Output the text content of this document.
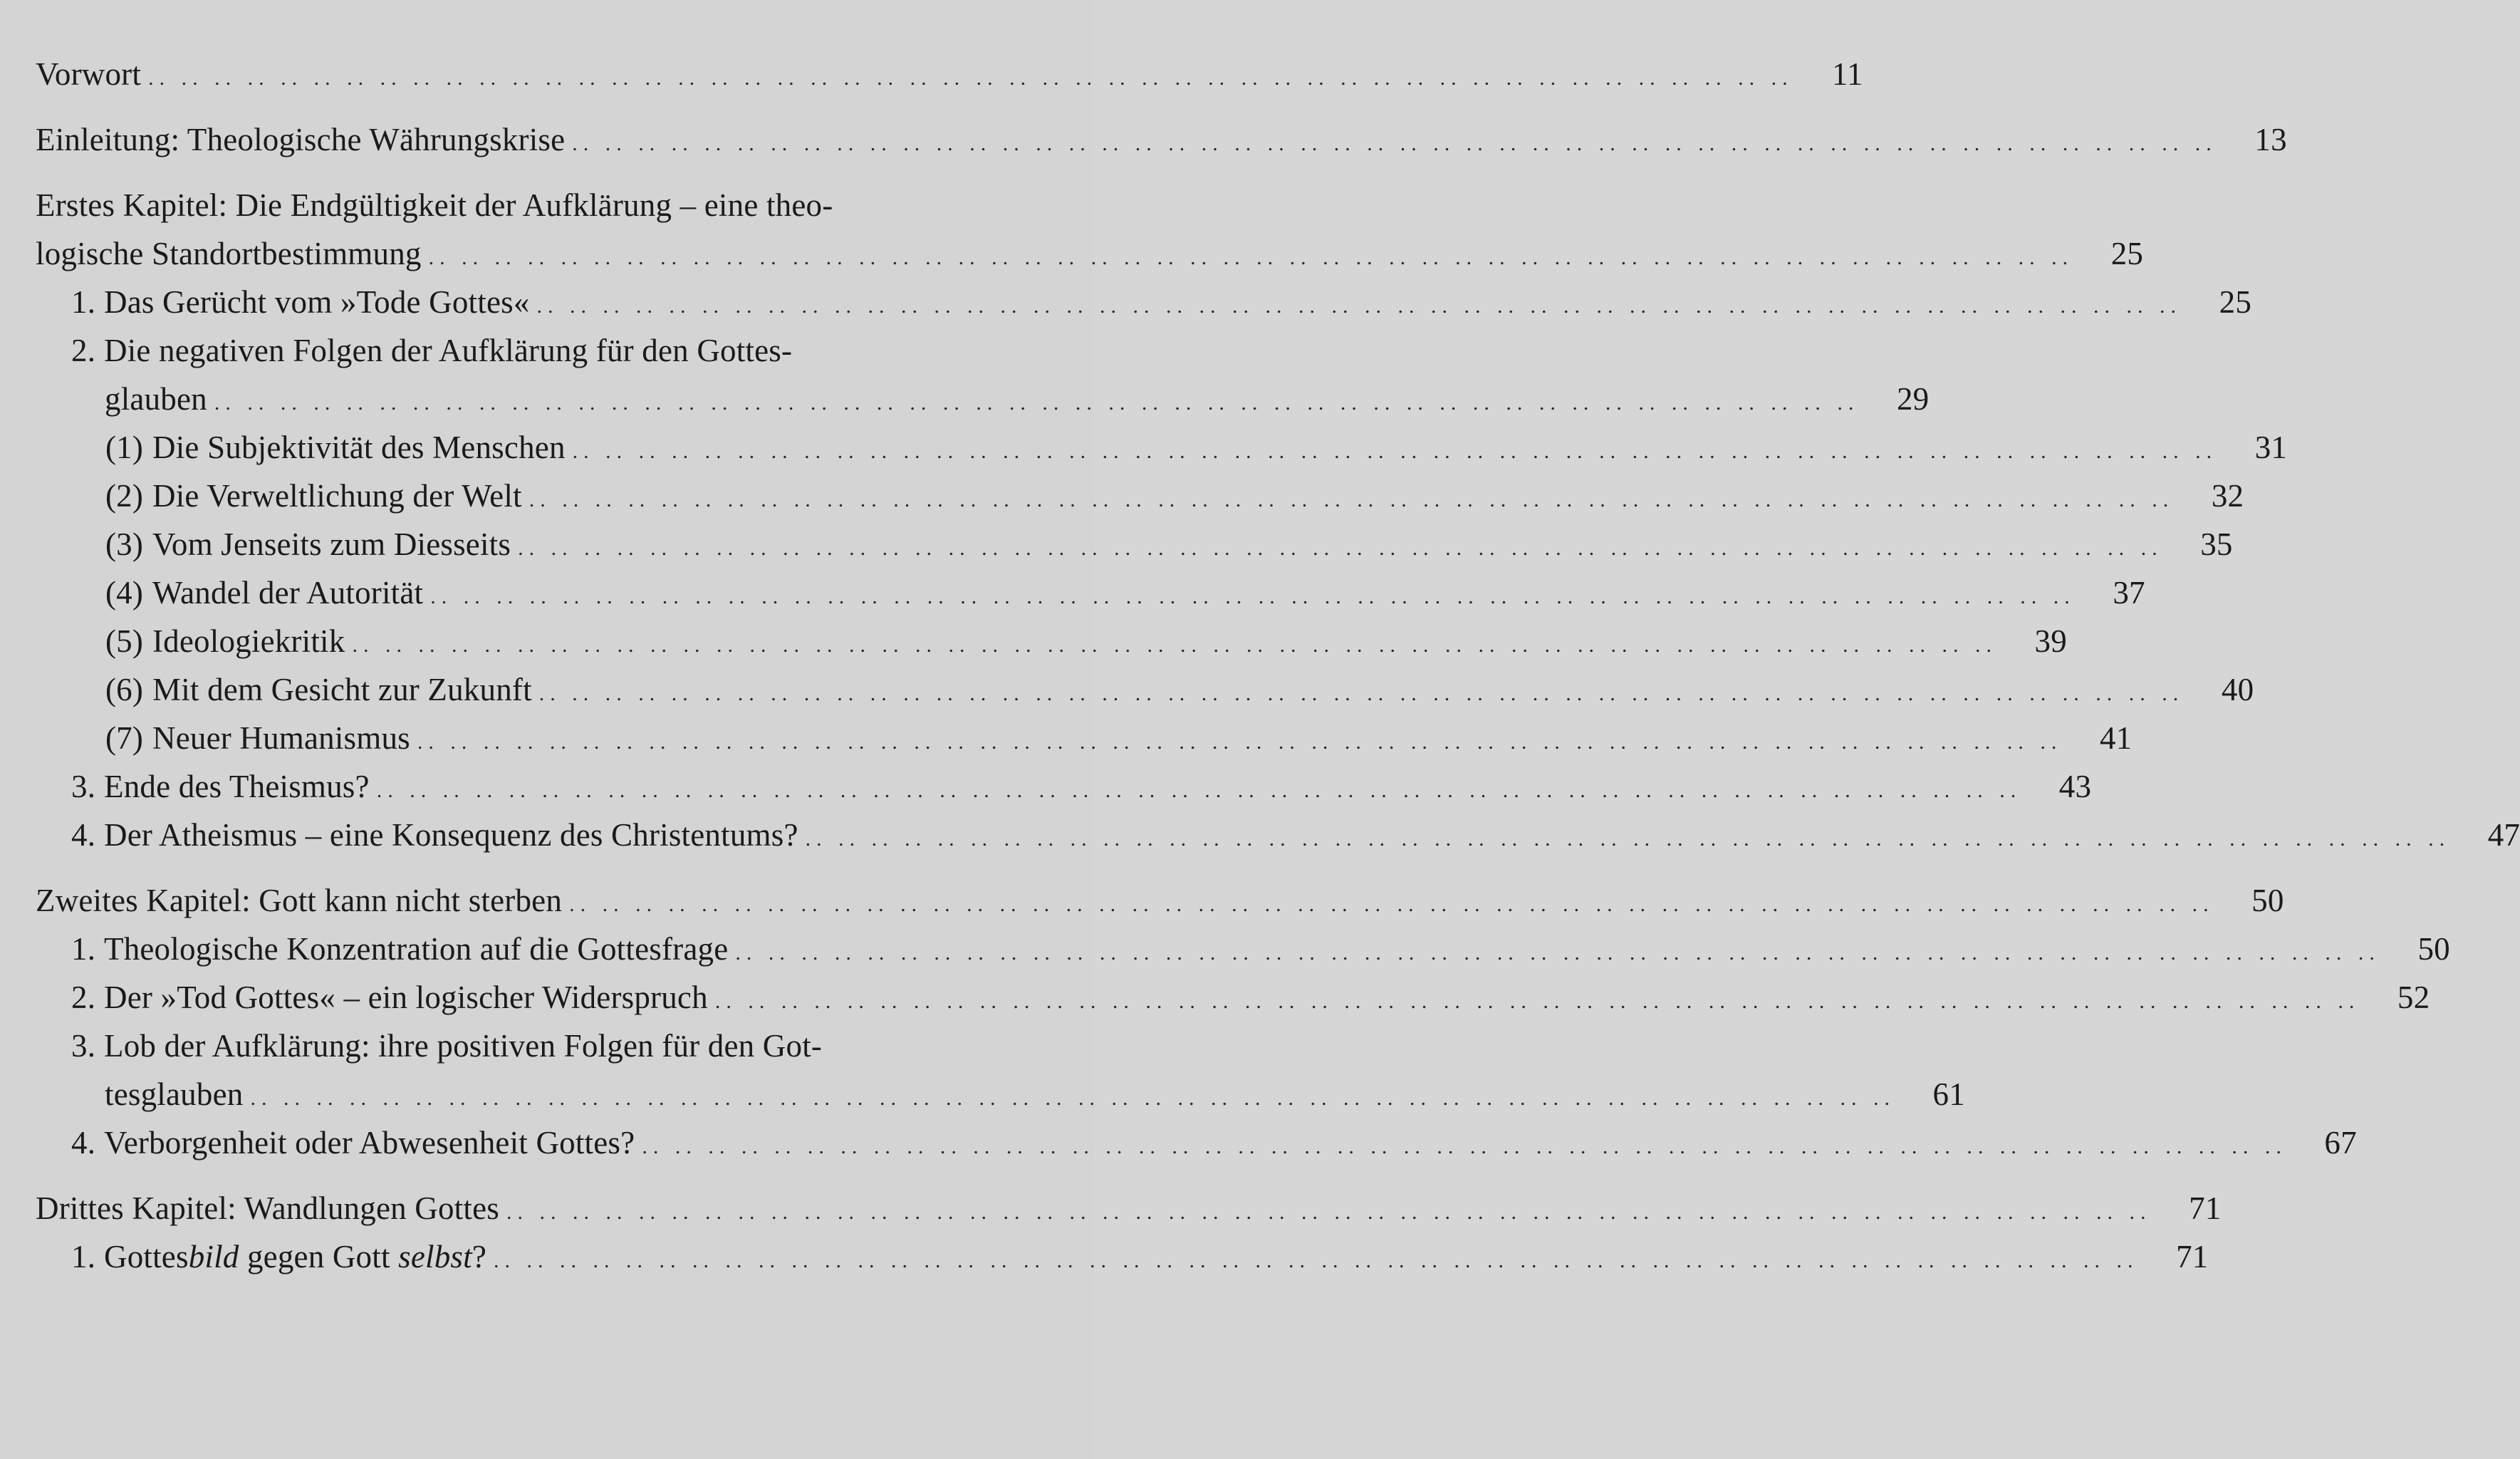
Vorwort .. .. .. .. .. .. .. .. .. .. .. .. .. .. .. .. .. .. .. .. .. .. .. .. .. .. .. .. .. .. .. .. .. .. .. .. .. .. .. .. .. .. .. .. .. .. .. .. .. ..	11
Einleitung: Theologische Währungskrise .. .. .. .. .. .. .. .. .. .. .. .. .. .. .. .. .. .. .. .. .. .. .. .. .. .. .. .. .. .. .. .. .. .. .. .. .. .. .. .. .. .. .. .. .. .. .. .. .. ..	13
Erstes Kapitel: Die Endgültigkeit der Aufklärung – eine theo-
logische Standortbestimmung .. .. .. .. .. .. .. .. .. .. .. .. .. .. .. .. .. .. .. .. .. .. .. .. .. .. .. .. .. .. .. .. .. .. .. .. .. .. .. .. .. .. .. .. .. .. .. .. .. ..	25
1. Das Gerücht vom »Tode Gottes« .. .. .. .. .. .. .. .. .. .. .. .. .. .. .. .. .. .. .. .. .. .. .. .. .. .. .. .. .. .. .. .. .. .. .. .. .. .. .. .. .. .. .. .. .. .. .. .. .. ..	25
2. Die negativen Folgen der Aufklärung für den Gottes-
glauben .. .. .. .. .. .. .. .. .. .. .. .. .. .. .. .. .. .. .. .. .. .. .. .. .. .. .. .. .. .. .. .. .. .. .. .. .. .. .. .. .. .. .. .. .. .. .. .. .. ..	29
(1) Die Subjektivität des Menschen .. .. .. .. .. .. .. .. .. .. .. .. .. .. .. .. .. .. .. .. .. .. .. .. .. .. .. .. .. .. .. .. .. .. .. .. .. .. .. .. .. .. .. .. .. .. .. .. .. ..	31
(2) Die Verweltlichung der Welt .. .. .. .. .. .. .. .. .. .. .. .. .. .. .. .. .. .. .. .. .. .. .. .. .. .. .. .. .. .. .. .. .. .. .. .. .. .. .. .. .. .. .. .. .. .. .. .. .. ..	32
(3) Vom Jenseits zum Diesseits .. .. .. .. .. .. .. .. .. .. .. .. .. .. .. .. .. .. .. .. .. .. .. .. .. .. .. .. .. .. .. .. .. .. .. .. .. .. .. .. .. .. .. .. .. .. .. .. .. ..	35
(4) Wandel der Autorität .. .. .. .. .. .. .. .. .. .. .. .. .. .. .. .. .. .. .. .. .. .. .. .. .. .. .. .. .. .. .. .. .. .. .. .. .. .. .. .. .. .. .. .. .. .. .. .. .. ..	37
(5) Ideologiekritik .. .. .. .. .. .. .. .. .. .. .. .. .. .. .. .. .. .. .. .. .. .. .. .. .. .. .. .. .. .. .. .. .. .. .. .. .. .. .. .. .. .. .. .. .. .. .. .. .. ..	39
(6) Mit dem Gesicht zur Zukunft .. .. .. .. .. .. .. .. .. .. .. .. .. .. .. .. .. .. .. .. .. .. .. .. .. .. .. .. .. .. .. .. .. .. .. .. .. .. .. .. .. .. .. .. .. .. .. .. .. ..	40
(7) Neuer Humanismus .. .. .. .. .. .. .. .. .. .. .. .. .. .. .. .. .. .. .. .. .. .. .. .. .. .. .. .. .. .. .. .. .. .. .. .. .. .. .. .. .. .. .. .. .. .. .. .. .. ..	41
3. Ende des Theismus? .. .. .. .. .. .. .. .. .. .. .. .. .. .. .. .. .. .. .. .. .. .. .. .. .. .. .. .. .. .. .. .. .. .. .. .. .. .. .. .. .. .. .. .. .. .. .. .. .. ..	43
4. Der Atheismus – eine Konsequenz des Christentums? .. .. .. .. .. .. .. .. .. .. .. .. .. .. .. .. .. .. .. .. .. .. .. .. .. .. .. .. .. .. .. .. .. .. .. .. .. .. .. .. .. .. .. .. .. .. .. .. .. ..	47
Zweites Kapitel: Gott kann nicht sterben .. .. .. .. .. .. .. .. .. .. .. .. .. .. .. .. .. .. .. .. .. .. .. .. .. .. .. .. .. .. .. .. .. .. .. .. .. .. .. .. .. .. .. .. .. .. .. .. .. ..	50
1. Theologische Konzentration auf die Gottesfrage .. .. .. .. .. .. .. .. .. .. .. .. .. .. .. .. .. .. .. .. .. .. .. .. .. .. .. .. .. .. .. .. .. .. .. .. .. .. .. .. .. .. .. .. .. .. .. .. .. ..	50
2. Der »Tod Gottes« – ein logischer Widerspruch .. .. .. .. .. .. .. .. .. .. .. .. .. .. .. .. .. .. .. .. .. .. .. .. .. .. .. .. .. .. .. .. .. .. .. .. .. .. .. .. .. .. .. .. .. .. .. .. .. ..	52
3. Lob der Aufklärung: ihre positiven Folgen für den Got-
tesglauben .. .. .. .. .. .. .. .. .. .. .. .. .. .. .. .. .. .. .. .. .. .. .. .. .. .. .. .. .. .. .. .. .. .. .. .. .. .. .. .. .. .. .. .. .. .. .. .. .. ..	61
4. Verborgenheit oder Abwesenheit Gottes? .. .. .. .. .. .. .. .. .. .. .. .. .. .. .. .. .. .. .. .. .. .. .. .. .. .. .. .. .. .. .. .. .. .. .. .. .. .. .. .. .. .. .. .. .. .. .. .. .. ..	67
Drittes Kapitel: Wandlungen Gottes .. .. .. .. .. .. .. .. .. .. .. .. .. .. .. .. .. .. .. .. .. .. .. .. .. .. .. .. .. .. .. .. .. .. .. .. .. .. .. .. .. .. .. .. .. .. .. .. .. ..	71
1. Gottesbild gegen Gott selbst? .. .. .. .. .. .. .. .. .. .. .. .. .. .. .. .. .. .. .. .. .. .. .. .. .. .. .. .. .. .. .. .. .. .. .. .. .. .. .. .. .. .. .. .. .. .. .. .. .. ..	71
